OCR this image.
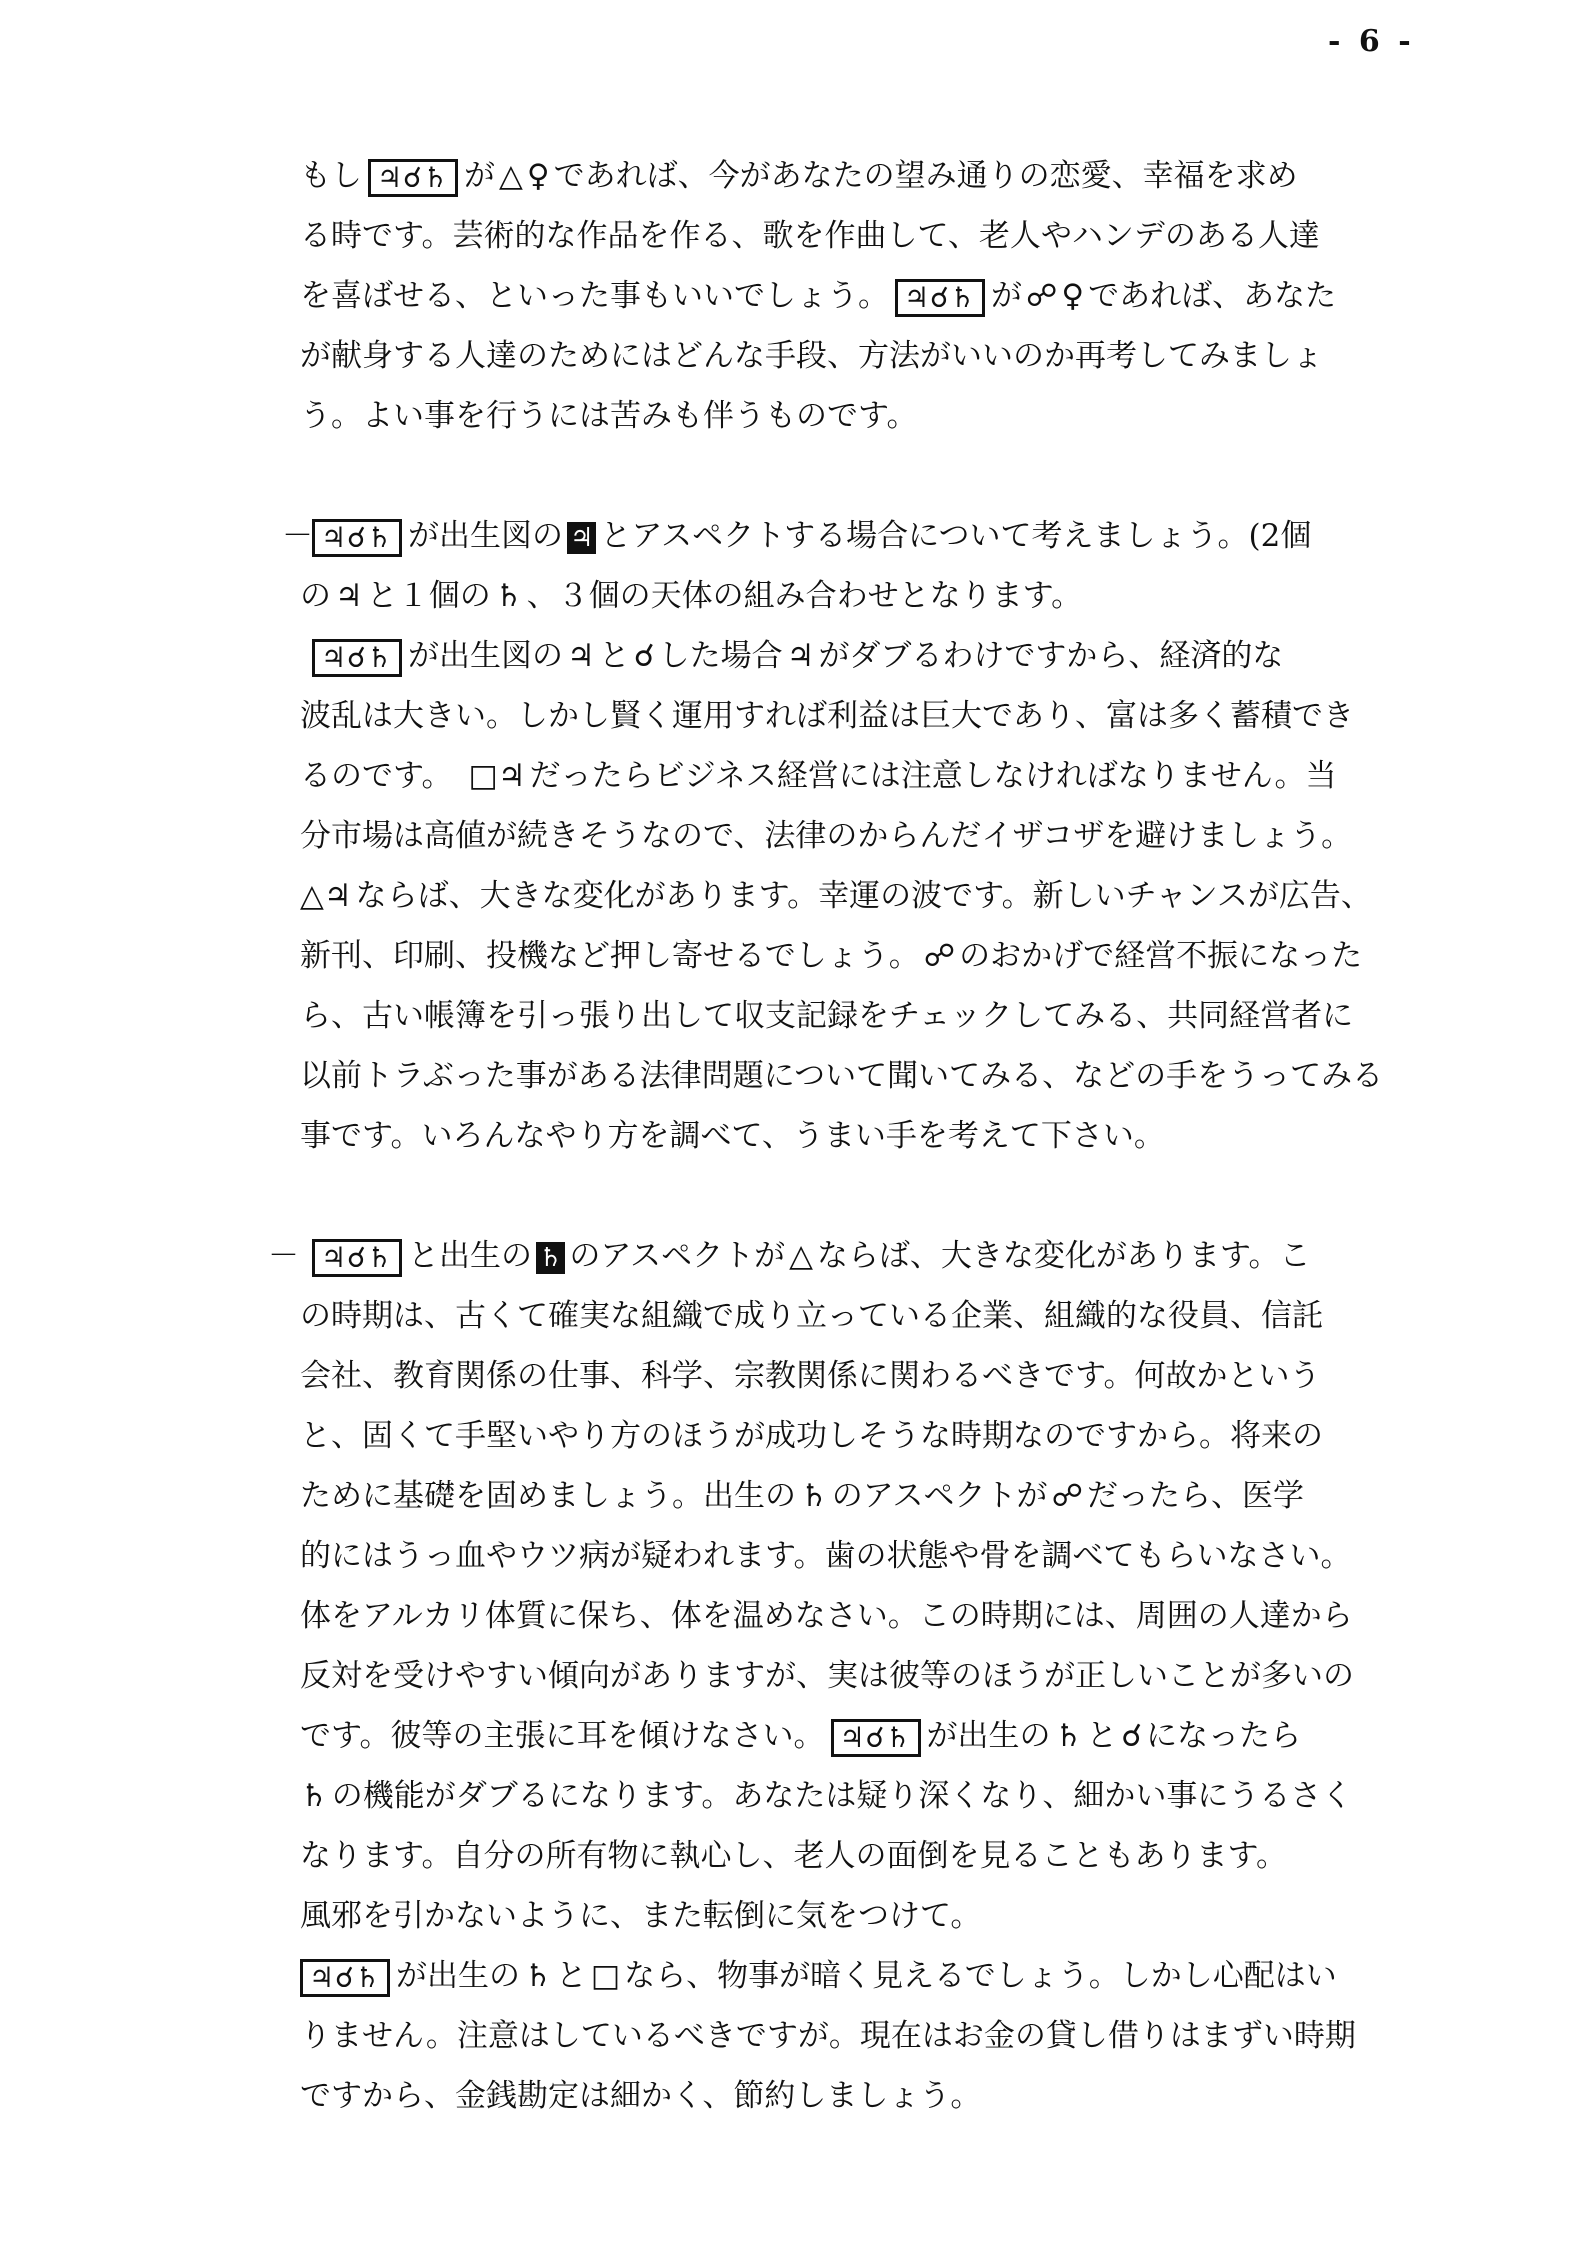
- 6 -
もし ♃☌♄ が △ ♀ であれば、今があなたの望み通りの恋愛、幸福を求め
る時です。芸術的な作品を作る、歌を作曲して、老人やハンデのある人達
を喜ばせる、といった事もいいでしょう。 ♃☌♄ が ☍ ♀ であれば、あなた
が献身する人達のためにはどんな手段、方法がいいのか再考してみましょ
う。よい事を行うには苦みも伴うものです。
－ ♃☌♄ が出生図の ♃ とアスペクトする場合について考えましょう。(2個
の ♃ と１個の ♄ 、３個の天体の組み合わせとなります。
♃☌♄ が出生図の ♃ と ☌ した場合 ♃ がダブるわけですから、経済的な
波乱は大きい。しかし賢く運用すれば利益は巨大であり、富は多く蓄積でき
るのです。 □♃ だったらビジネス経営には注意しなければなりません。当
分市場は高値が続きそうなので、法律のからんだイザコザを避けましょう。
△♃ ならば、大きな変化があります。幸運の波です。新しいチャンスが広告、
新刊、印刷、投機など押し寄せるでしょう。 ☍ のおかげで経営不振になった
ら、古い帳簿を引っ張り出して収支記録をチェックしてみる、共同経営者に
以前トラぶった事がある法律問題について聞いてみる、などの手をうってみる
事です。いろんなやり方を調べて、うまい手を考えて下さい。
－ ♃☌♄ と出生の ♄ のアスペクトが △ ならば、大きな変化があります。こ
の時期は、古くて確実な組織で成り立っている企業、組織的な役員、信託
会社、教育関係の仕事、科学、宗教関係に関わるべきです。何故かという
と、固くて手堅いやり方のほうが成功しそうな時期なのですから。将来の
ために基礎を固めましょう。出生の ♄ のアスペクトが ☍ だったら、医学
的にはうっ血やウツ病が疑われます。歯の状態や骨を調べてもらいなさい。
体をアルカリ体質に保ち、体を温めなさい。この時期には、周囲の人達から
反対を受けやすい傾向がありますが、実は彼等のほうが正しいことが多いの
です。彼等の主張に耳を傾けなさい。 ♃☌♄ が出生の ♄ と ☌ になったら
♄ の機能がダブるになります。あなたは疑り深くなり、細かい事にうるさく
なります。自分の所有物に執心し、老人の面倒を見ることもあります。
風邪を引かないように、また転倒に気をつけて。
♃☌♄ が出生の ♄ と □ なら、物事が暗く見えるでしょう。しかし心配はい
りません。注意はしているべきですが。現在はお金の貸し借りはまずい時期
ですから、金銭勘定は細かく、節約しましょう。
